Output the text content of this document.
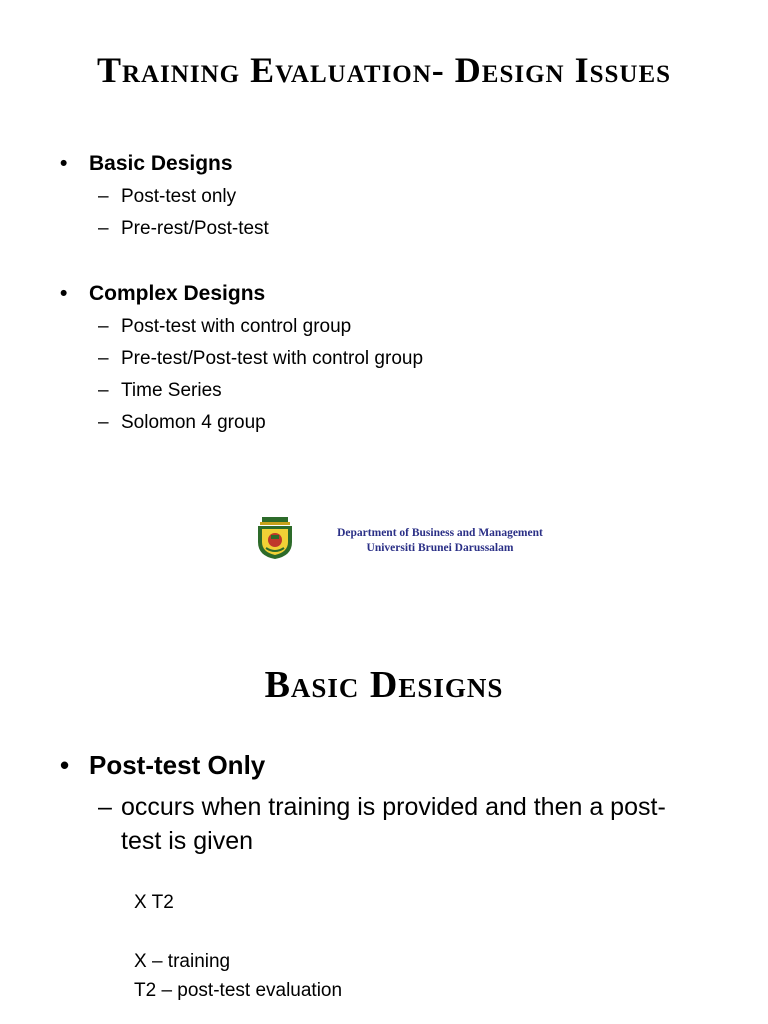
Training Evaluation- Design Issues
•	Basic Designs
– Post-test only
– Pre-rest/Post-test
•	Complex Designs
– Post-test with control group
– Pre-test/Post-test with control group
– Time Series
– Solomon 4 group
Department of Business and Management
Universiti Brunei Darussalam
Basic Designs
• Post-test Only
– occurs when training is provided and then a post-test is given
X T2
X – training
T2 – post-test evaluation
